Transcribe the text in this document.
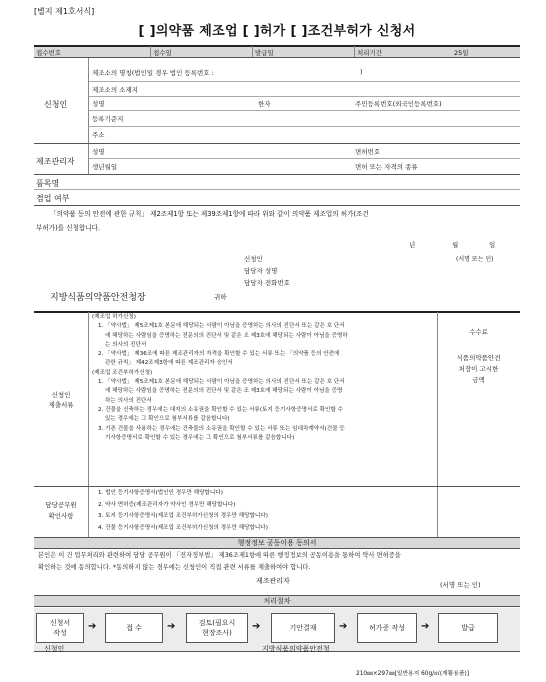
[별지 제1호서식]
[ ]의약품 제조업 [ ]허가 [ ]조건부허가 신청서
접수번호	접수일	발급일	처리기간	25일
신청인
제조소의 명칭(법인일 경우 법인 등록번호 :	)
제조소의 소재지
성명	한자	주민등록번호(외국인등록번호)
등록기준지
주소
제조관리자
성명	면허번호
생년월일	면허 또는 자격의 종류
품목명
겸업 여부
「의약품 등의 안전에 관한 규칙」 제2조제1항 또는 제39조제1항에 따라 위와 같이 의약품 제조업의 허가(조건
부허가)를 신청합니다.
년	월	일
신청인	(서명 또는 인)
담당자 성명
담당자 전화번호
지방식품의약품안전청장	귀하
신청인
제출서류
수수료
식품의약품안전
처장이 고시한
금액
(제조업 허가신청)
1. 「약사법」 제5조제1호 본문에 해당되는 사람이 아님을 증명하는 의사의 진단서 또는 같은 호 단서
에 해당하는 사람임을 증명하는 전문의의 진단서 및 같은 조 제3호에 해당되는 사람이 아님을 증명하
는 의사의 진단서
2. 「약사법」 제36조에 따른 제조관리자의 자격을 확인할 수 있는 서류 또는 「의약품 등의 안전에
관한 규칙」 제42조제3항에 따른 제조관리자 승인서
(제조업 조건부허가신청)
1. 「약사법」 제5조제1호 본문에 해당되는 사람이 아님을 증명하는 의사의 진단서 또는 같은 호 단서
에 해당하는 사람임을 증명하는 전문의의 진단서 및 같은 조 제3호에 해당되는 사람이 아님을 증명
하는 의사의 진단서
2. 건물을 신축하는 경우에는 대지의 소유권을 확인할 수 있는 서류(토지 등기사항증명서로 확인할 수
있는 경우에는 그 확인으로 첨부서류를 갈음합니다)
3. 기존 건물을 사용하는 경우에는 건축물의 소유권을 확인할 수 있는 서류 또는 임대차계약서(건물 등
기사항증명서로 확인할 수 있는 경우에는 그 확인으로 첨부서류를 갈음합니다)
담당공무원
확인사항
1. 법인 등기사항증명서(법인인 경우만 해당합니다)
2. 약사 면허증(제조관리자가 약사인 경우만 해당합니다)
3. 토지 등기사항증명서(제조업 조건부허가신청의 경우만 해당합니다)
4. 건물 등기사항증명서(제조업 조건부허가신청의 경우만 해당합니다)
행정정보 공동이용 동의서
본인은 이 건 업무처리와 관련하여 담당 공무원이 「전자정부법」 제36조제1항에 따른 행정정보의 공동이용을 통하여 약사 면허증을
확인하는 것에 동의합니다. *동의하지 않는 경우에는 신청인이 직접 관련 서류를 제출하여야 합니다.
제조관리자	(서명 또는 인)
처리절차
신청서
작성
➔	접 수	➔	검토(필요시
현장조사)
➔	기안결재 ➔	허가증 작성 ➔	발급
신청인	지방식품의약품안전청
210㎜×297㎜[일반용지 60g/㎡(재활용품)]
